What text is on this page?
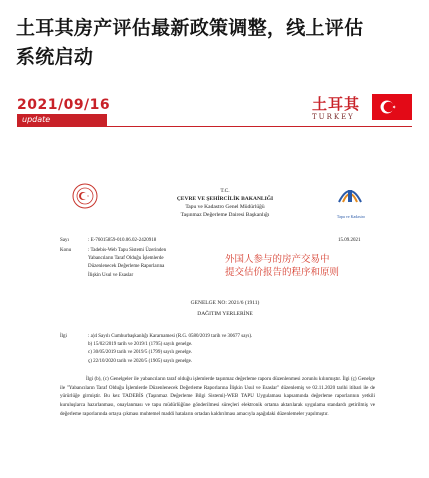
土耳其房产评估最新政策调整，线上评估
系统启动
2021/09/16
update
土耳其
TURKEY
Tapu ve Kadastro
T.C.
ÇEVRE VE ŞEHİRCİLİK BAKANLIĞI
Tapu ve Kadastro Genel Müdürlüğü
Taşınmaz Değerleme Dairesi Başkanlığı
Sayı	: E-76015859-010.06.02-2420918	15.09.2021
Konu	: Tadebis-Web Tapu Sistemi Üzerinden
Yabancıların Taraf Olduğu İşlemlerde
Düzenlenecek Değerleme Raporlarına
İlişkin Usul ve Esaslar
外国人参与的房产交易中
提交估价报告的程序和原则
GENELGE NO: 2021/6 (1911)
DAĞITIM YERLERİNE
İlgi	: a)4 Sayılı Cumhurbaşkanlığı Kararnamesi (R.G. 0580/2019 tarih ve 30677 sayı).
b) 15/02/2019 tarih ve 2019/1 (1795) sayılı genelge.
c) 30/05/2019 tarih ve 2019/5 (1799) sayılı genelge.
ç) 22/10/2020 tarih ve 2020/5 (1905) sayılı genelge.

İlgi (b), (c) Genelgeler ile yabancıların taraf olduğu işlemlerde taşınmaz değerleme raporu düzenlenmesi zorunlu kılınmıştır. İlgi (ç) Genelge ile "Yabancıların Taraf Olduğu İşlemlerde Düzenlenecek Değerleme Raporlarına İlişkin Usul ve Esaslar" düzenlemiş ve 02.11.2020 tarihi itibari ile de yürürlüğe girmiştir. Bu kez TADEBİS (Taşınmaz Değerleme Bilgi Sistemi)-WEB TAPU Uygulaması kapsamında değerleme raporlarının yetkili kuruluşlarca hazırlanması, onaylanması ve tapu müdürlüğüne gönderilmesi süreçleri elektronik ortama aktarılarak uygulama standardı getirilmiş ve değerleme raporlarında ortaya çıkması muhtemel maddi hataların ortadan kaldırılması amacıyla aşağıdaki düzenlemeler yapılmıştır.
